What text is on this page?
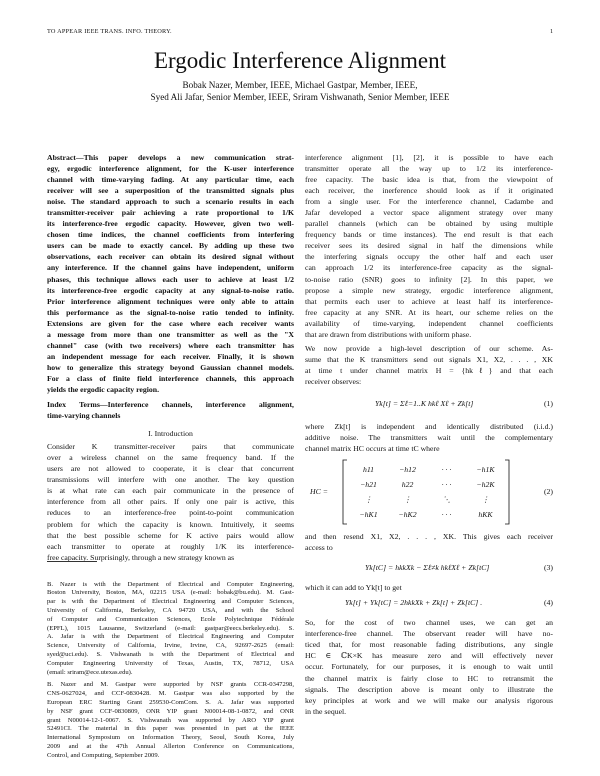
TO APPEAR IEEE TRANS. INFO. THEORY.	1
Ergodic Interference Alignment
Bobak Nazer, Member, IEEE, Michael Gastpar, Member, IEEE,
Syed Ali Jafar, Senior Member, IEEE, Sriram Vishwanath, Senior Member, IEEE
Abstract—This paper develops a new communication strat-
egy, ergodic interference alignment, for the K-user interference
channel with time-varying fading. At any particular time, each
receiver will see a superposition of the transmitted signals plus
noise. The standard approach to such a scenario results in each
transmitter-receiver pair achieving a rate proportional to 1/K
its interference-free ergodic capacity. However, given two well-
chosen time indices, the channel coefficients from interfering
users can be made to exactly cancel. By adding up these two
observations, each receiver can obtain its desired signal without
any interference. If the channel gains have independent, uniform
phases, this technique allows each user to achieve at least 1/2
its interference-free ergodic capacity at any signal-to-noise ratio.
Prior interference alignment techniques were only able to attain
this performance as the signal-to-noise ratio tended to infinity.
Extensions are given for the case where each receiver wants
a message from more than one transmitter as well as the "X
channel" case (with two receivers) where each transmitter has
an independent message for each receiver. Finally, it is shown
how to generalize this strategy beyond Gaussian channel models.
For a class of finite field interference channels, this approach
yields the ergodic capacity region.
Index Terms—Interference channels, interference alignment,
time-varying channels
I. Introduction
Consider K transmitter-receiver pairs that communicate
over a wireless channel on the same frequency band. If the
users are not allowed to cooperate, it is clear that concurrent
transmissions will interfere with one another. The key question
is at what rate can each pair communicate in the presence of
interference from all other pairs. If only one pair is active, this
reduces to an interference-free point-to-point communication
problem for which the capacity is known. Intuitively, it seems
that the best possible scheme for K active pairs would allow
each transmitter to operate at roughly 1/K its interference-
free capacity. Surprisingly, through a new strategy known as
B. Nazer is with the Department of Electrical and Computer Engineering,
Boston University, Boston, MA, 02215 USA (e-mail: bobak@bu.edu). M. Gast-
par is with the Department of Electrical Engineering and Computer Sciences,
University of California, Berkeley, CA 94720 USA, and with the School
of Computer and Communication Sciences, Ecole Polytechnique Fédérale
(EPFL), 1015 Lausanne, Switzerland (e-mail: gastpar@eecs.berkeley.edu). S.
A. Jafar is with the Department of Electrical Engineering and Computer
Science, University of California, Irvine, Irvine, CA, 92697-2625 (email:
syed@uci.edu). S. Vishwanath is with the Department of Electrical and
Computer Engineering University of Texas, Austin, TX, 78712, USA
(email: sriram@ece.utexas.edu).
B. Nazer and M. Gastpar were supported by NSF grants CCR-0347298,
CNS-0627024, and CCF-0830428. M. Gastpar was also supported by the
European ERC Starting Grant 259530-ComCom. S. A. Jafar was supported
by NSF grant CCF-0830809, ONR YIP grant N00014-08-1-0872, and ONR
grant N00014-12-1-0067. S. Vishwanath was supported by ARO YIP grant
52491CI. The material in this paper was presented in part at the IEEE
International Symposium on Information Theory, Seoul, South Korea, July
2009 and at the 47th Annual Allerton Conference on Communications,
Control, and Computing, September 2009.
interference alignment [1], [2], it is possible to have each
transmitter operate all the way up to 1/2 its interference-
free capacity. The basic idea is that, from the viewpoint of
each receiver, the inerference should look as if it originated
from a single user. For the interference channel, Cadambe and
Jafar developed a vector space alignment strategy over many
parallel channels (which can be obtained by using multiple
frequency bands or time instances). The end result is that each
receiver sees its desired signal in half the dimensions while
the interfering signals occupy the other half and each user
can approach 1/2 its interference-free capacity as the signal-
to-noise ratio (SNR) goes to infinity [2]. In this paper, we
propose a simple new strategy, ergodic interference alignment,
that permits each user to achieve at least half its interference-
free capacity at any SNR. At its heart, our scheme relies on the
availability of time-varying, independent channel coefficients
that are drawn from distributions with uniform phase.
We now provide a high-level description of our scheme. As-
sume that the K transmitters send out signals X1, X2, . . . , XK
at time t under channel matrix H = {hkℓ} and that each
receiver observes:
Yk[t] = Σℓ=1..K hkℓ Xℓ + Zk[t]	(1)
where Zk[t] is independent and identically distributed (i.i.d.)
additive noise. The transmitters wait until the complementary
channel matrix HC occurs at time tC where
HC =
h11	−h12	· · ·	−h1K
−h21	h22	· · ·	−h2K
⋮	⋮	⋱	⋮
−hK1	−hK2	· · ·	hKK
(2)
and then resend X1, X2, . . . , XK. This gives each receiver
access to
Yk[tC] = hkkXk − Σℓ≠k hkℓXℓ + Zk[tC]	(3)
which it can add to Yk[t] to get
Yk[t] + Yk[tC] = 2hkkXk + Zk[t] + Zk[tC] .	(4)
So, for the cost of two channel uses, we can get an
interference-free channel. The observant reader will have no-
ticed that, for most reasonable fading distributions, any single
HC ∈ ℂK×K has measure zero and will effectively never
occur. Fortunately, for our purposes, it is enough to wait until
the channel matrix is fairly close to HC to retransmit the
signals. The description above is meant only to illustrate the
key principles at work and we will make our analysis rigorous
in the sequel.
